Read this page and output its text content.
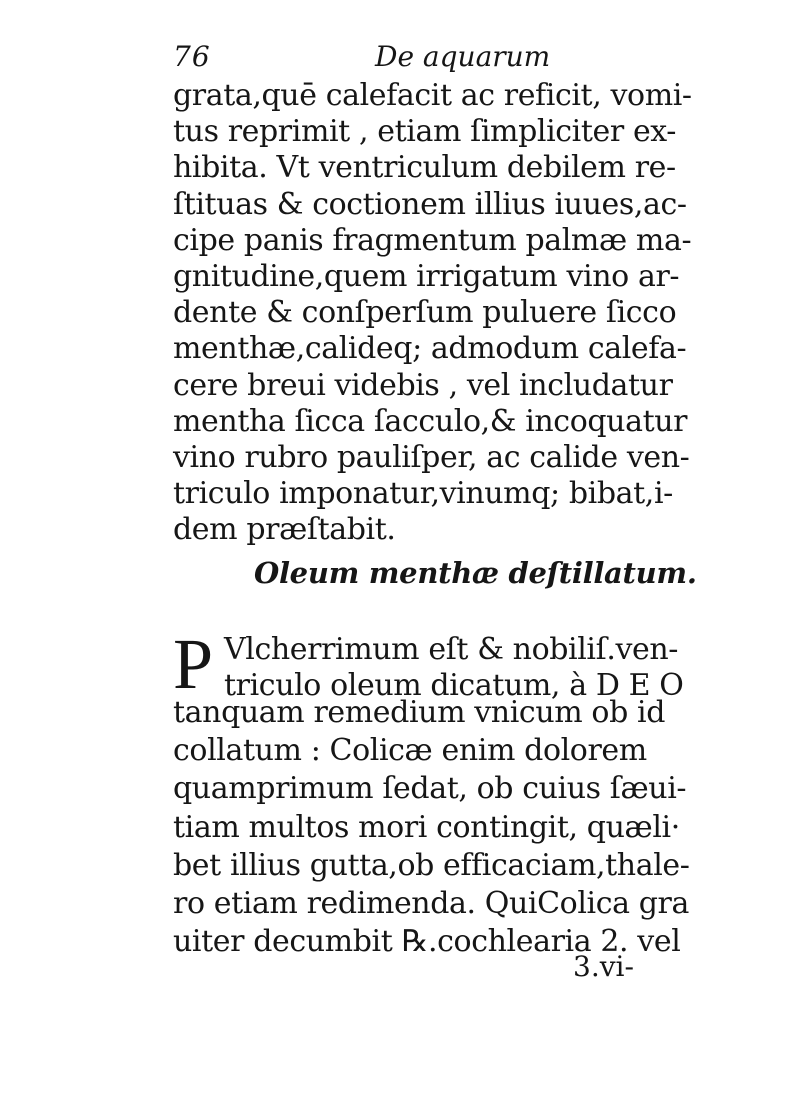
76	De aquarum
grata,quē calefacit ac reficit, vomi-
tus reprimit , etiam ſimpliciter ex-
hibita. Vt ventriculum debilem re-
ſtituas & coctionem illius iuues,ac-
cipe panis fragmentum palmæ ma-
gnitudine,quem irrigatum vino ar-
dente & conſperſum puluere ſicco
menthæ,calideq; admodum calefa-
cere breui videbis , vel includatur
mentha ſicca ſacculo,& incoquatur
vino rubro pauliſper, ac calide ven-
triculo imponatur,vinumq; bibat,i-
dem præſtabit.
Oleum menthæ deſtillatum.
P Vlcherrimum eſt & nobiliſ.ven-
triculo oleum dicatum, à D E O
tanquam remedium vnicum ob id
collatum : Colicæ enim dolorem
quamprimum ſedat, ob cuius ſæui-
tiam multos mori contingit, quæli·
bet illius gutta,ob efficaciam,thale-
ro etiam redimenda. QuiColica gra
uiter decumbit ℞.cochlearia 2. vel
3.vi-
